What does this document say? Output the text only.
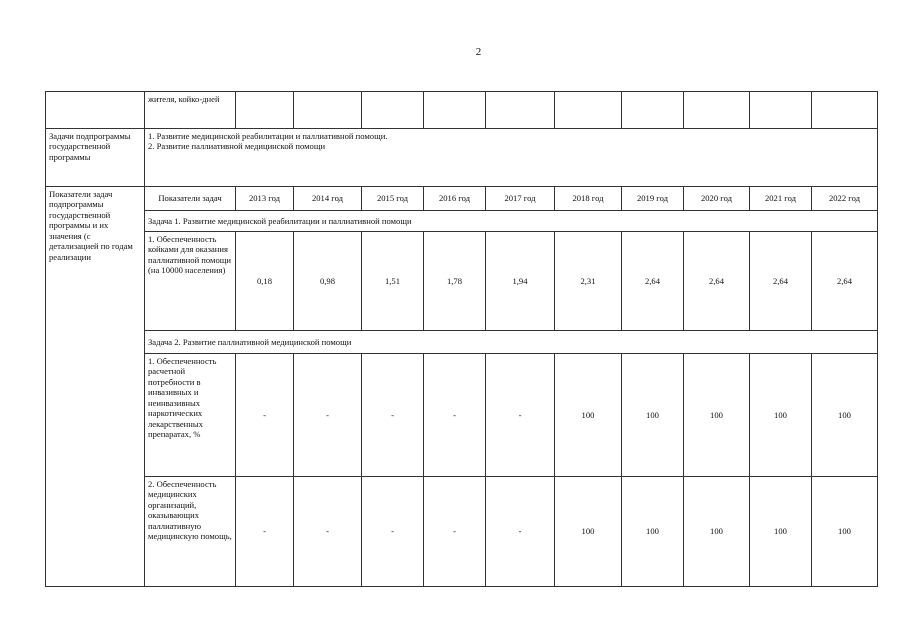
2
	жителя, койко-дней										
Задачи подпрограммы государственной программы	1. Развитие медицинской реабилитации и паллиативной помощи.
2. Развитие паллиативной медицинской помощи										

Показатели задач подпрограммы государственной программы и их значения (с детализацией по годам реализации	Показатели задач	2013 год	2014 год	2015 год	2016 год	2017 год	2018 год	2019 год	2020 год	2021 год	2022 год
	Задача 1. Развитие медицинской реабилитации и паллиативной помощи										
	1. Обеспеченность койками для оказания паллиативной помощи (на 10000 населения)	0,18	0,98	1,51	1,78	1,94	2,31	2,64	2,64	2,64	2,64
	Задача 2. Развитие паллиативной медицинской помощи										
	1. Обеспеченность расчетной потребности в инвазивных и неинвазивных наркотических лекарственных препаратах, %	-	-	-	-	-	100	100	100	100	100
	2. Обеспеченность медицинских организаций, оказывающих паллиативную медицинскую помощь,	-	-	-	-	-	100	100	100	100	100
